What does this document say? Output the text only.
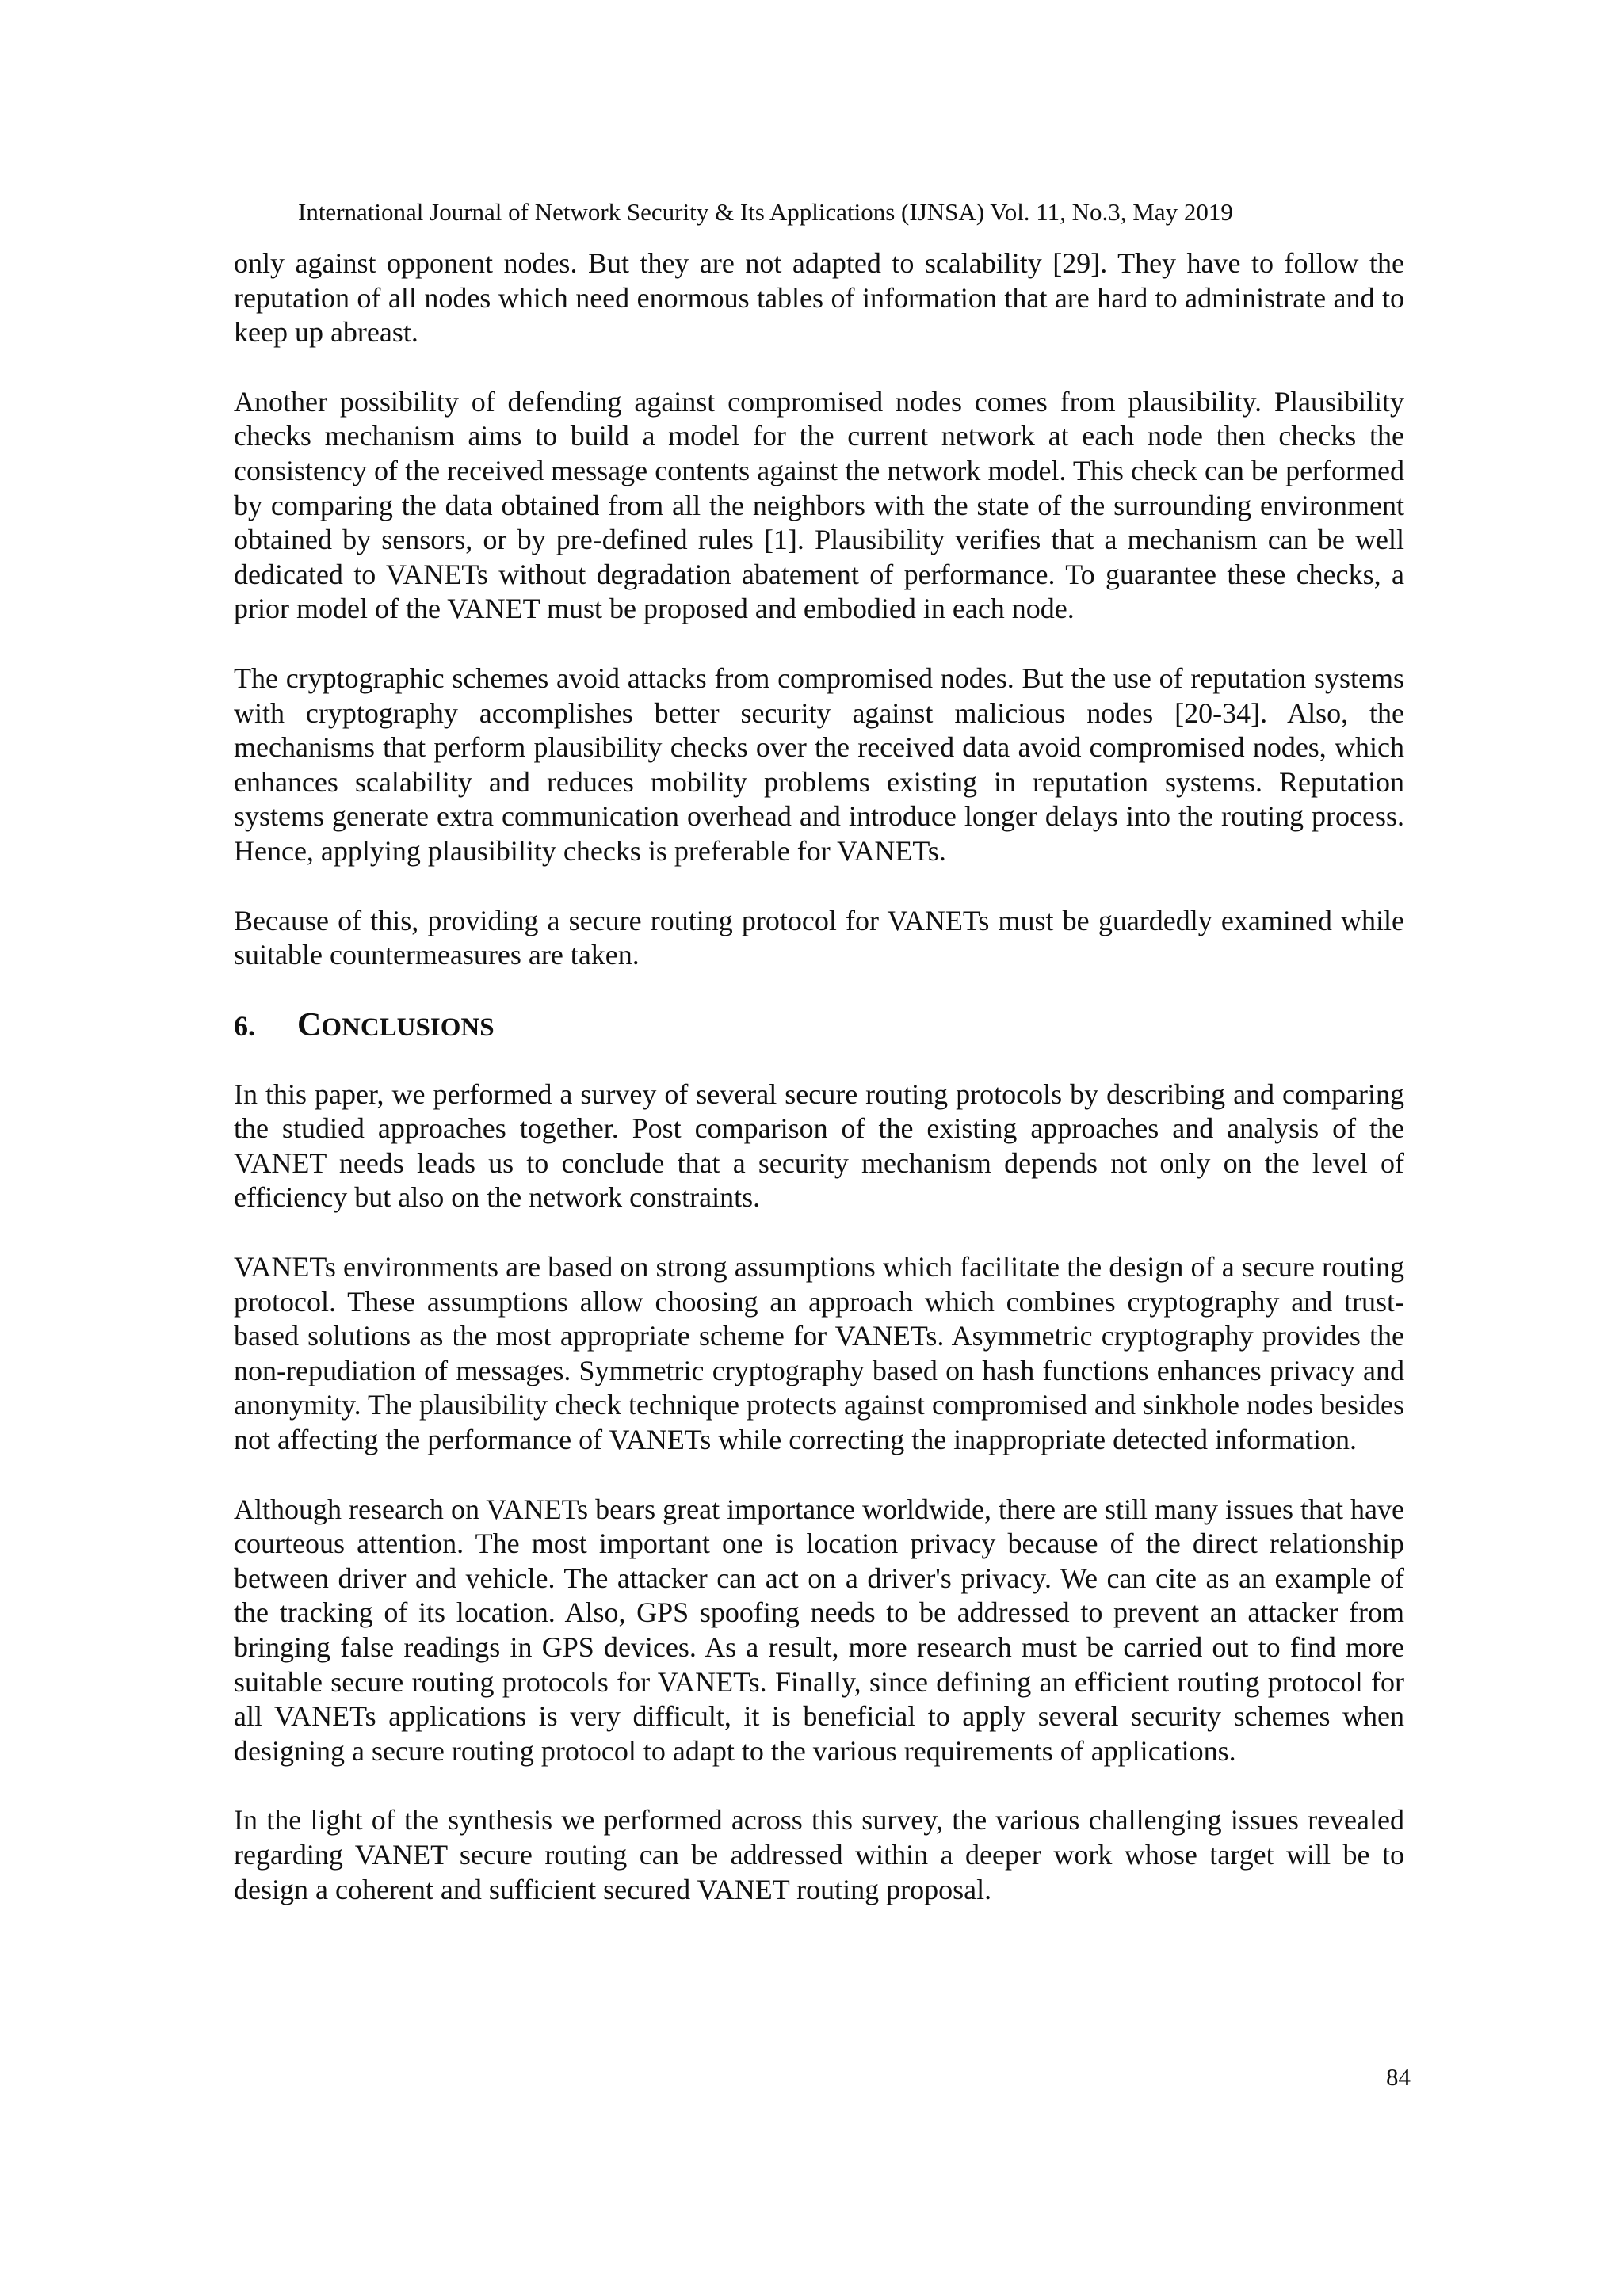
International Journal of Network Security & Its Applications (IJNSA) Vol. 11, No.3, May 2019

only against opponent nodes. But they are not adapted to scalability [29]. They have to follow the reputation of all nodes which need enormous tables of information that are hard to administrate and to keep up abreast.

Another possibility of defending against compromised nodes comes from plausibility. Plausibility checks mechanism aims to build a model for the current network at each node then checks the consistency of the received message contents against the network model. This check can be performed by comparing the data obtained from all the neighbors with the state of the surrounding environment obtained by sensors, or by pre-defined rules [1]. Plausibility verifies that a mechanism can be well dedicated to VANETs without degradation abatement of performance. To guarantee these checks, a prior model of the VANET must be proposed and embodied in each node.

The cryptographic schemes avoid attacks from compromised nodes. But the use of reputation systems with cryptography accomplishes better security against malicious nodes [20-34]. Also, the mechanisms that perform plausibility checks over the received data avoid compromised nodes, which enhances scalability and reduces mobility problems existing in reputation systems. Reputation systems generate extra communication overhead and introduce longer delays into the routing process. Hence, applying plausibility checks is preferable for VANETs.

Because of this, providing a secure routing protocol for VANETs must be guardedly examined while suitable countermeasures are taken.

6. CONCLUSIONS

In this paper, we performed a survey of several secure routing protocols by describing and comparing the studied approaches together. Post comparison of the existing approaches and analysis of the VANET needs leads us to conclude that a security mechanism depends not only on the level of efficiency but also on the network constraints.

VANETs environments are based on strong assumptions which facilitate the design of a secure routing protocol. These assumptions allow choosing an approach which combines cryptography and trust-based solutions as the most appropriate scheme for VANETs. Asymmetric cryptography provides the non-repudiation of messages. Symmetric cryptography based on hash functions enhances privacy and anonymity. The plausibility check technique protects against compromised and sinkhole nodes besides not affecting the performance of VANETs while correcting the inappropriate detected information.

Although research on VANETs bears great importance worldwide, there are still many issues that have courteous attention. The most important one is location privacy because of the direct relationship between driver and vehicle. The attacker can act on a driver's privacy. We can cite as an example of the tracking of its location. Also, GPS spoofing needs to be addressed to prevent an attacker from bringing false readings in GPS devices. As a result, more research must be carried out to find more suitable secure routing protocols for VANETs. Finally, since defining an efficient routing protocol for all VANETs applications is very difficult, it is beneficial to apply several security schemes when designing a secure routing protocol to adapt to the various requirements of applications.

In the light of the synthesis we performed across this survey, the various challenging issues revealed regarding VANET secure routing can be addressed within a deeper work whose target will be to design a coherent and sufficient secured VANET routing proposal.

84
